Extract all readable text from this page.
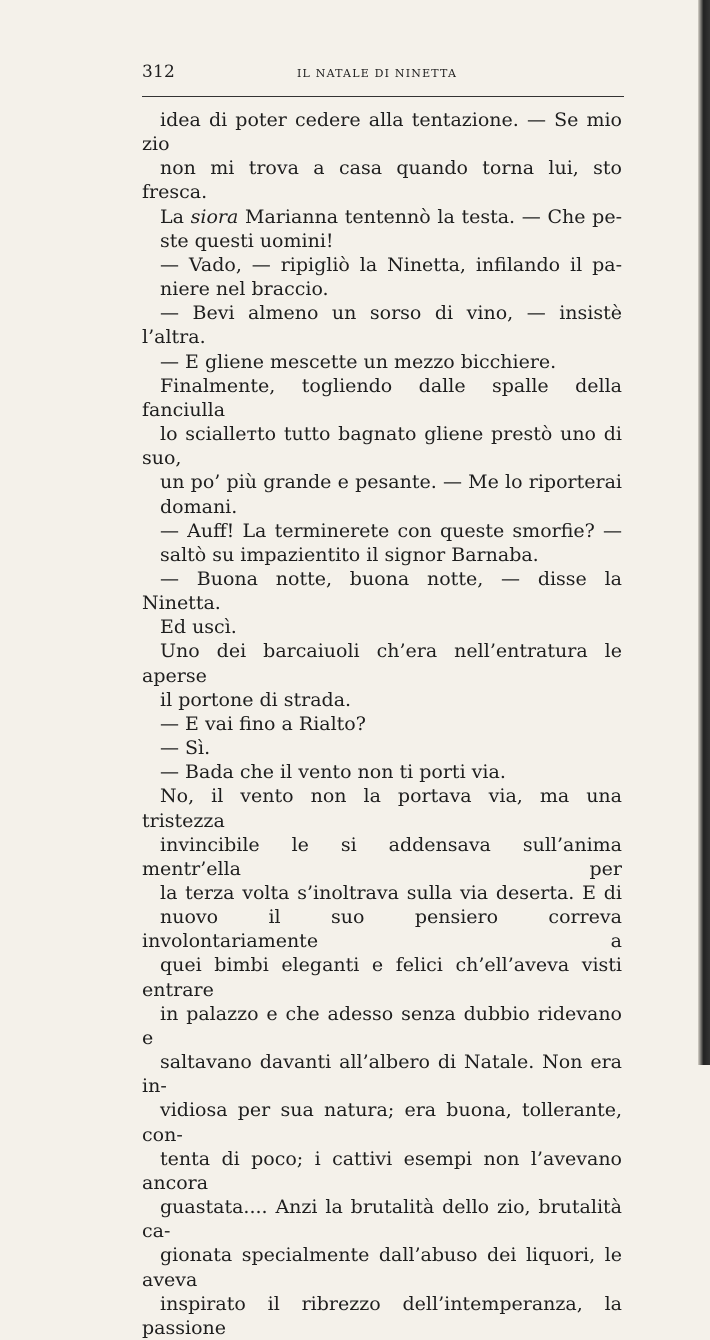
312	IL NATALE DI NINETTA

idea di poter cedere alla tentazione. — Se mio zio
non mi trova a casa quando torna lui, sto fresca.

La siora Marianna tentennò la testa. — Che pe-
ste questi uomini!

— Vado, — ripigliò la Ninetta, infilando il pa-
niere nel braccio.

— Bevi almeno un sorso di vino, — insistè l’altra.
— E gliene mescette un mezzo bicchiere.

Finalmente, togliendo dalle spalle della fanciulla
lo sciallетto tutto bagnato gliene prestò uno di suo,
un po’ più grande e pesante. — Me lo riporterai
domani.

— Auff! La terminerete con queste smorfie? —
saltò su impazientito il signor Barnaba.

— Buona notte, buona notte, — disse la Ninetta.
Ed uscì.

Uno dei barcaiuoli ch’era nell’entratura le aperse
il portone di strada.

— E vai fino a Rialto?

— Sì.

— Bada che il vento non ti porti via.

No, il vento non la portava via, ma una tristezza
invincibile le si addensava sull’anima mentr’ella per
la terza volta s’inoltrava sulla via deserta. E di
nuovo il suo pensiero correva involontariamente a
quei bimbi eleganti e felici ch’ell’aveva visti entrare
in palazzo e che adesso senza dubbio ridevano e
saltavano davanti all’albero di Natale. Non era in-
vidiosa per sua natura; era buona, tollerante, con-
tenta di poco; i cattivi esempi non l’avevano ancora
guastata.... Anzi la brutalità dello zio, brutalità ca-
gionata specialmente dall’abuso dei liquori, le aveva
inspirato il ribrezzo dell’intemperanza, la passione
